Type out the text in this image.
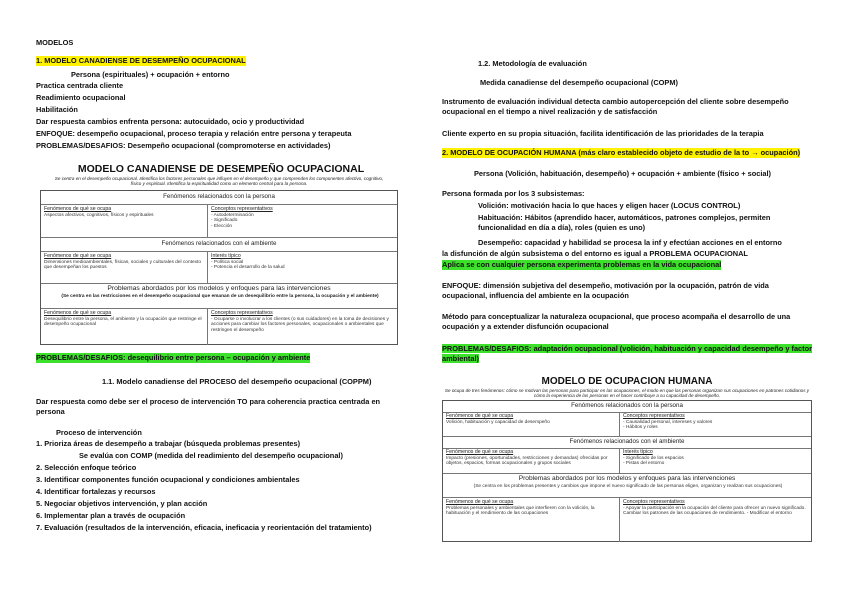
MODELOS
1. MODELO CANADIENSE DE DESEMPEÑO OCUPACIONAL
Persona (espirituales) + ocupación + entorno
Practica centrada cliente
Readimiento ocupacional
Habilitación
Dar respuesta cambios enfrenta persona: autocuidado, ocio y productividad
ENFOQUE: desempeño ocupacional, proceso terapia y relación entre persona y terapeuta
PROBLEMAS/DESAFIOS: Desempeño ocupacional (compromoterse en actividades)
MODELO CANADIENSE DE DESEMPEÑO OCUPACIONAL
Se centra en el desempeño ocupacional. Identifica los factores personales que influyen en el desempeño y que comprenden los componentes afectivo, cognitivo, físico y espiritual. Identifica la espiritualidad como un elemento central para la persona.
Fenómenos relacionados con la persona
Fenómenos de qué se ocupa
Aspectos afectivos, cognitivos, físicos y espirituales
Conceptos representativos
- Autodeterminación
- Significado
- Elección
Fenómenos relacionados con el ambiente
Fenómenos de qué se ocupa
Dimensiones medioambientales, físicas, sociales y culturales del contexto que desempeñan los puestos
Interés típico
- Política social
- Potencia el desarrollo de la salud
Problemas abordados por los modelos y enfoques para las intervenciones
(Se centra en las restricciones en el desempeño ocupacional que emanan de un desequilibrio entre la persona, la ocupación y el ambiente)
Fenómenos de qué se ocupa
Desequilibrio entre la persona, el ambiente y la ocupación que restringe el desempeño ocupacional
Conceptos representativos
- Ocuparse o involucrar a los clientes (o sus cuidadores) en la toma de decisiones y acciones para cambiar los factores personales, ocupacionales o ambientales que restringen el desempeño
PROBLEMAS/DESAFIOS: desequilibrio entre persona – ocupación y ambiente
1.1. Modelo canadiense del PROCESO del desempeño ocupacional (COPPM)
Dar respuesta como debe ser el proceso de intervención TO para coherencia practica centrada en persona
Proceso de intervención
1. Prioriza áreas de desempeño a trabajar (búsqueda problemas presentes)
Se evalúa con COMP (medida del readimiento del desempeño ocupacional)
2. Selección enfoque teórico
3. Identificar componentes función ocupacional y condiciones ambientales
4. Identificar fortalezas y recursos
5. Negociar objetivos intervención, y plan acción
6. Implementar plan a través de ocupación
7. Evaluación (resultados de la intervención, eficacia, ineficacia y reorientación del tratamiento)
1.2. Metodología de evaluación
Medida canadiense del desempeño ocupacional (COPM)
Instrumento de evaluación individual detecta cambio autopercepción del cliente sobre desempeño ocupacional en el tiempo a nivel realización y de satisfacción
Cliente experto en su propia situación, facilita identificación de las prioridades de la terapia
2. MODELO DE OCUPACIÓN HUMANA (más claro establecido objeto de estudio de la to → ocupación)
Persona (Volición, habituación, desempeño) + ocupación + ambiente (físico + social)
Persona formada por los 3 subsistemas:
Volición: motivación hacia lo que haces y eligen hacer (LOCUS CONTROL)
Habituación: Hábitos (aprendido hacer, automáticos, patrones complejos, permiten funcionalidad en día a día), roles (quien es uno)
Desempeño: capacidad y habilidad se procesa la inf y efectúan acciones en el entorno
la disfunción de algún subsistema o del entorno es igual a PROBLEMA OCUPACIONAL
Aplica se con cualquier persona experimenta problemas en la vida ocupacional
ENFOQUE: dimensión subjetiva del desempeño, motivación por la ocupación, patrón de vida ocupacional, influencia del ambiente en la ocupación
Método para conceptualizar la naturaleza ocupacional, que proceso acompaña el desarrollo de una ocupación y a extender disfunción ocupacional
PROBLEMAS/DESAFIOS: adaptación ocupacional (volición, habituación y capacidad desempeño y factor ambiental)
MODELO DE OCUPACION HUMANA
Se ocupa de tres fenómenos: cómo se motivan las personas para participar en las ocupaciones, el modo en que las personas organizan sus ocupaciones en patrones cotidianos y cómo la experiencia de las personas en el hacer contribuye a su capacidad de desempeño.
Fenómenos relacionados con la persona
Fenómenos de qué se ocupa
Volición, habituación y capacidad de desempeño
Conceptos representativos
- Causalidad personal, intereses y valores
- Hábitos y roles
Fenómenos relacionados con el ambiente
Fenómenos de qué se ocupa
Impacto (presiones, oportunidades, restricciones y demandas) ofrecidas por objetos, espacios, formas ocupacionales y grupos sociales
Interés típico
- Significado de los espacios
- Pistas del entorno
Problemas abordados por los modelos y enfoques para las intervenciones
(Se centra en los problemas presentes y cambios que impone el nuevo significado de las personas eligen, organizan y realizan sus ocupaciones)
Fenómenos de qué se ocupa
Problemas personales y ambientales que interfieren con la volición, la habituación y el rendimiento de las ocupaciones
Conceptos representativos
- Apoyar la participación en la ocupación del cliente para ofrecer un nuevo significado. Cambiar los patrones de las ocupaciones de rendimiento. - Modificar el entorno
